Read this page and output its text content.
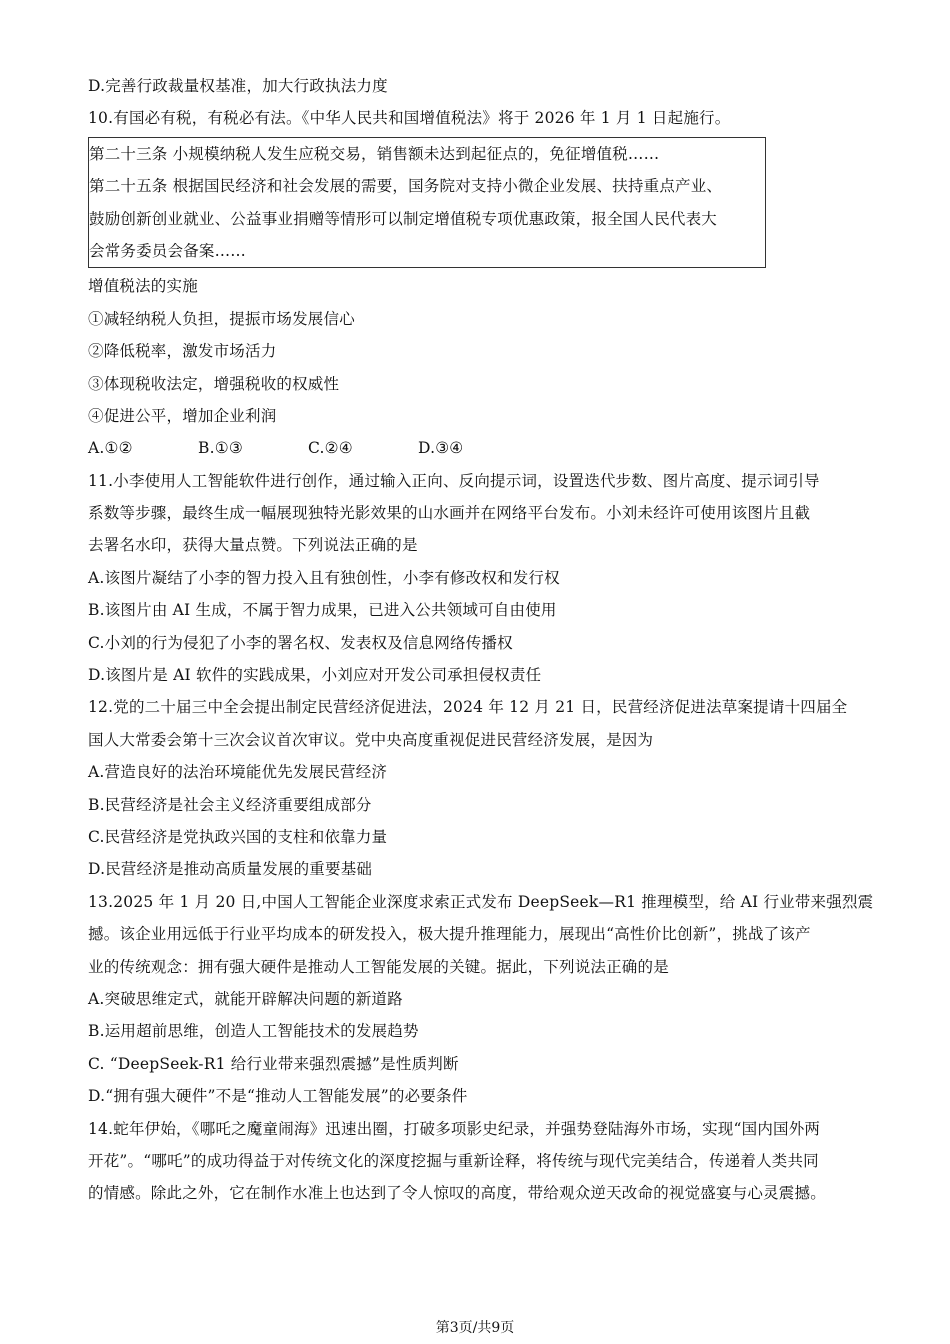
D.完善行政裁量权基准，加大行政执法力度
10.有国必有税，有税必有法。《中华人民共和国增值税法》将于 2026 年 1 月 1 日起施行。
第二十三条 小规模纳税人发生应税交易，销售额未达到起征点的，免征增值税……
第二十五条 根据国民经济和社会发展的需要，国务院对支持小微企业发展、扶持重点产业、
鼓励创新创业就业、公益事业捐赠等情形可以制定增值税专项优惠政策，报全国人民代表大
会常务委员会备案……
增值税法的实施
①减轻纳税人负担，提振市场发展信心
②降低税率，激发市场活力
③体现税收法定，增强税收的权威性
④促进公平，增加企业利润
A.①②	B.①③	C.②④	D.③④
11.小李使用人工智能软件进行创作，通过输入正向、反向提示词，设置迭代步数、图片高度、提示词引导
系数等步骤，最终生成一幅展现独特光影效果的山水画并在网络平台发布。小刘未经许可使用该图片且截
去署名水印，获得大量点赞。下列说法正确的是
A.该图片凝结了小李的智力投入且有独创性，小李有修改权和发行权
B.该图片由 AI 生成，不属于智力成果，已进入公共领域可自由使用
C.小刘的行为侵犯了小李的署名权、发表权及信息网络传播权
D.该图片是 AI 软件的实践成果，小刘应对开发公司承担侵权责任
12.党的二十届三中全会提出制定民营经济促进法，2024 年 12 月 21 日，民营经济促进法草案提请十四届全
国人大常委会第十三次会议首次审议。党中央高度重视促进民营经济发展，是因为
A.营造良好的法治环境能优先发展民营经济
B.民营经济是社会主义经济重要组成部分
C.民营经济是党执政兴国的支柱和依靠力量
D.民营经济是推动高质量发展的重要基础
13.2025 年 1 月 20 日,中国人工智能企业深度求索正式发布 DeepSeek—R1 推理模型，给 AI 行业带来强烈震
撼。该企业用远低于行业平均成本的研发投入，极大提升推理能力，展现出“高性价比创新”，挑战了该产
业的传统观念：拥有强大硬件是推动人工智能发展的关键。据此，下列说法正确的是
A.突破思维定式，就能开辟解决问题的新道路
B.运用超前思维，创造人工智能技术的发展趋势
C. “DeepSeek-R1 给行业带来强烈震撼”是性质判断
D.“拥有强大硬件”不是“推动人工智能发展”的必要条件
14.蛇年伊始，《哪吒之魔童闹海》迅速出圈，打破多项影史纪录，并强势登陆海外市场，实现“国内国外两
开花”。“哪吒”的成功得益于对传统文化的深度挖掘与重新诠释，将传统与现代完美结合，传递着人类共同
的情感。除此之外，它在制作水准上也达到了令人惊叹的高度，带给观众逆天改命的视觉盛宴与心灵震撼。
第3页/共9页
